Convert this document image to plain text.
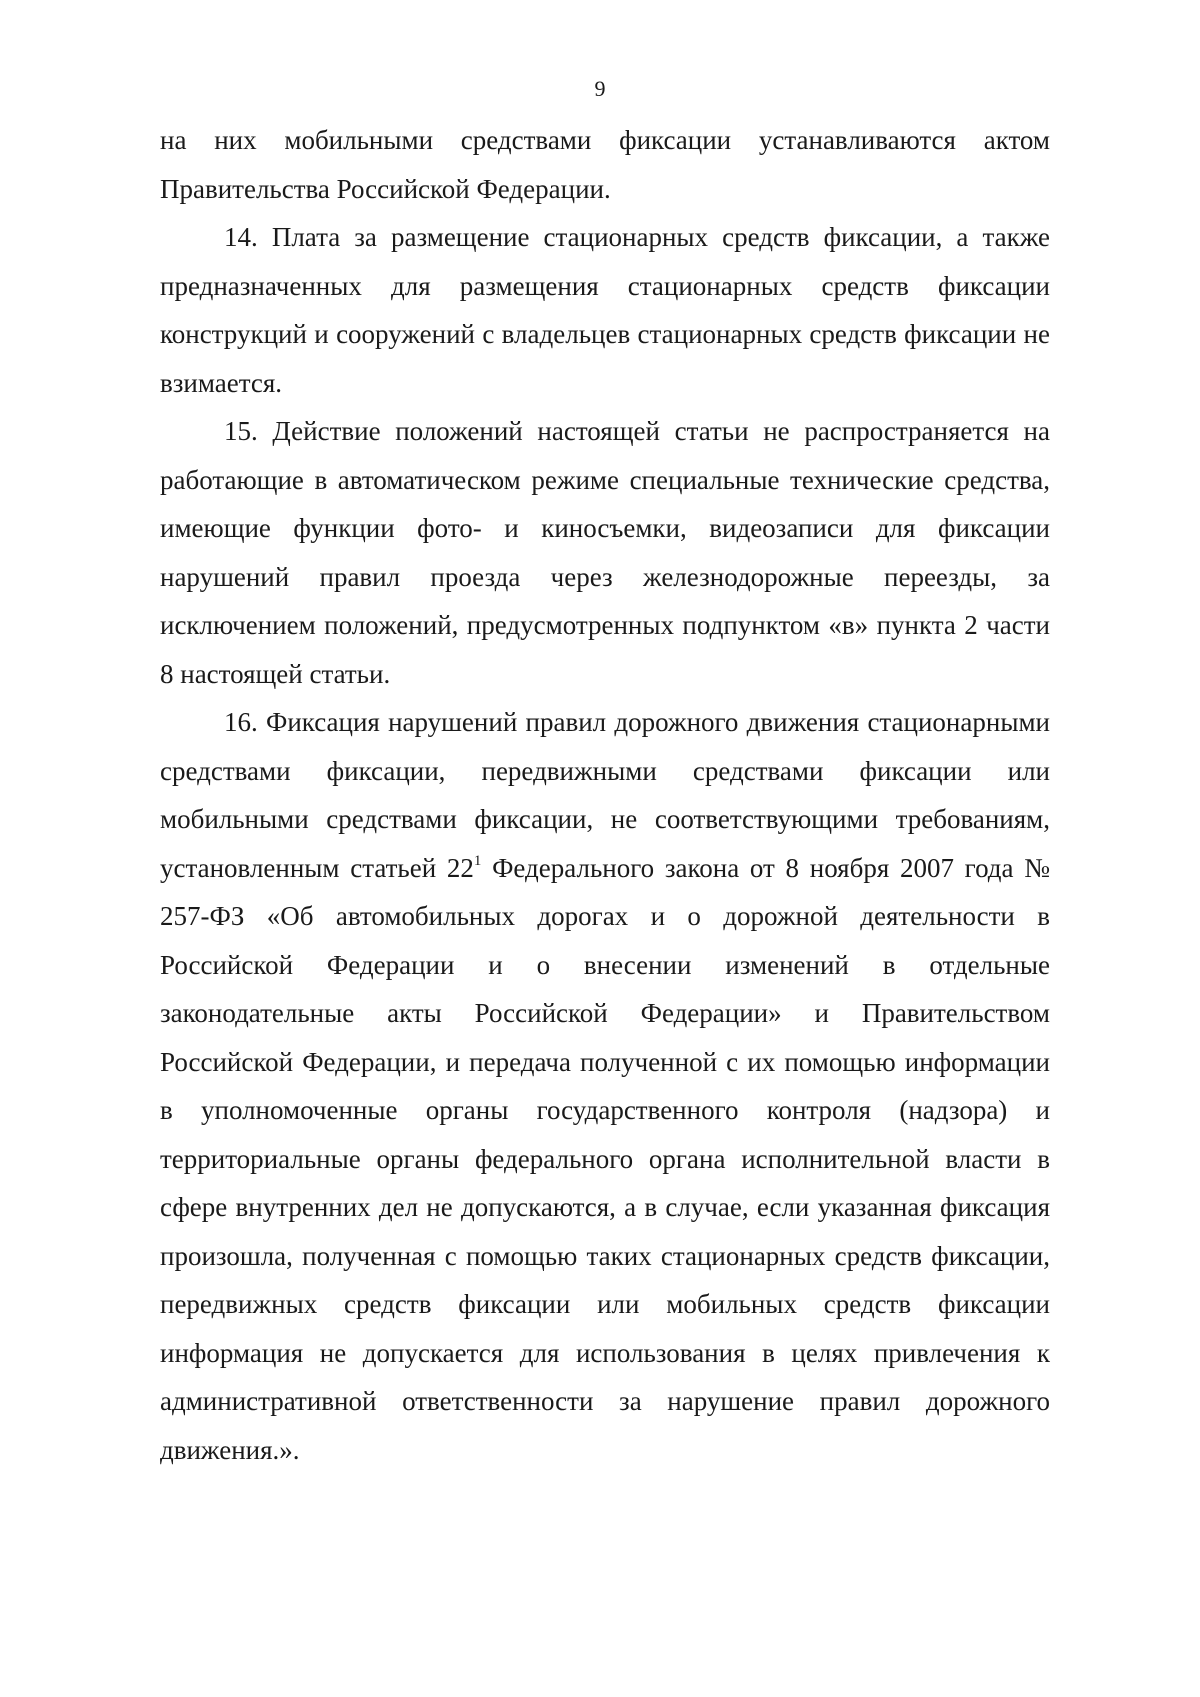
9

на них мобильными средствами фиксации устанавливаются актом Правительства Российской Федерации.

14. Плата за размещение стационарных средств фиксации, а также предназначенных для размещения стационарных средств фиксации конструкций и сооружений с владельцев стационарных средств фиксации не взимается.

15. Действие положений настоящей статьи не распространяется на работающие в автоматическом режиме специальные технические средства, имеющие функции фото- и киносъемки, видеозаписи для фиксации нарушений правил проезда через железнодорожные переезды, за исключением положений, предусмотренных подпунктом «в» пункта 2 части 8 настоящей статьи.

16. Фиксация нарушений правил дорожного движения стационарными средствами фиксации, передвижными средствами фиксации или мобильными средствами фиксации, не соответствующими требованиям, установленным статьей $22^1$ Федерального закона от 8 ноября 2007 года № 257-ФЗ «Об автомобильных дорогах и о дорожной деятельности в Российской Федерации и о внесении изменений в отдельные законодательные акты Российской Федерации» и Правительством Российской Федерации, и передача полученной с их помощью информации в уполномоченные органы государственного контроля (надзора) и территориальные органы федерального органа исполнительной власти в сфере внутренних дел не допускаются, а в случае, если указанная фиксация произошла, полученная с помощью таких стационарных средств фиксации, передвижных средств фиксации или мобильных средств фиксации информация не допускается для использования в целях привлечения к административной ответственности за нарушение правил дорожного движения.».
